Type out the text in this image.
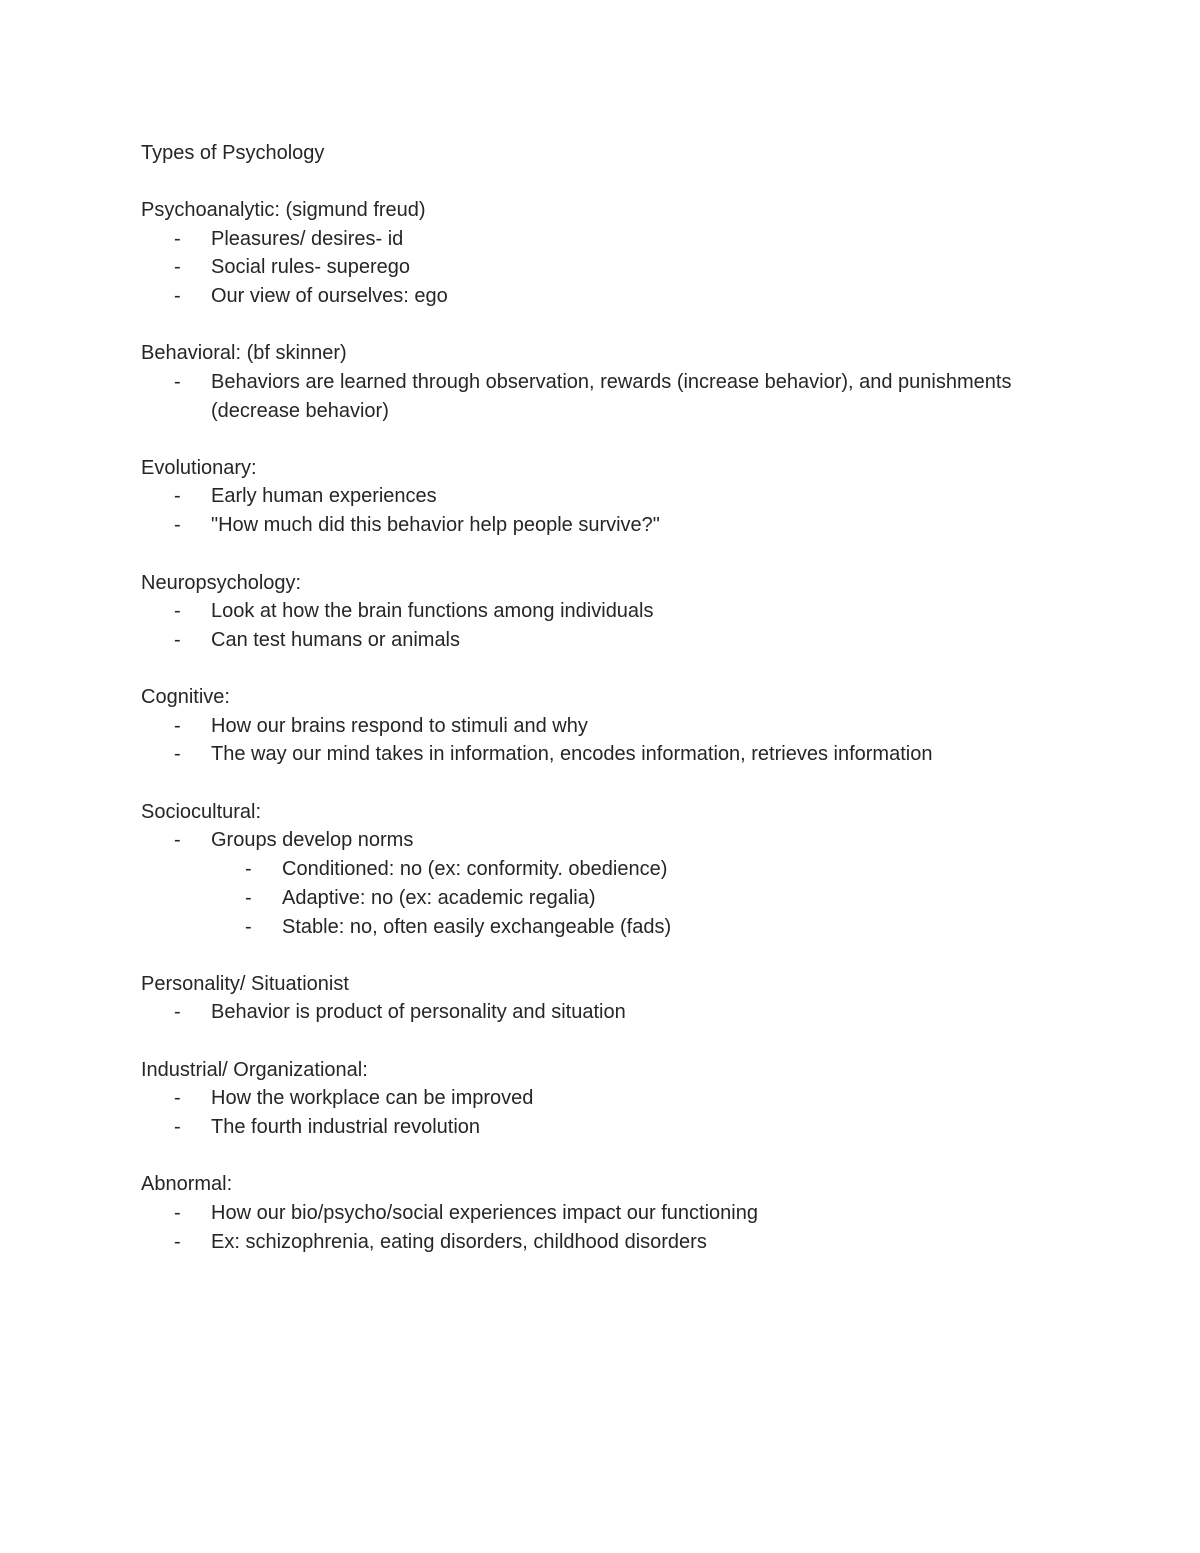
Types of Psychology
Psychoanalytic: (sigmund freud)
- Pleasures/ desires- id
- Social rules- superego
- Our view of ourselves: ego
Behavioral: (bf skinner)
- Behaviors are learned through observation, rewards (increase behavior), and punishments (decrease behavior)
Evolutionary:
- Early human experiences
- "How much did this behavior help people survive?"
Neuropsychology:
- Look at how the brain functions among individuals
- Can test humans or animals
Cognitive:
- How our brains respond to stimuli and why
- The way our mind takes in information, encodes information, retrieves information
Sociocultural:
- Groups develop norms
- Conditioned: no (ex: conformity. obedience)
- Adaptive: no (ex: academic regalia)
- Stable: no, often easily exchangeable (fads)
Personality/ Situationist
- Behavior is product of personality and situation
Industrial/ Organizational:
- How the workplace can be improved
- The fourth industrial revolution
Abnormal:
- How our bio/psycho/social experiences impact our functioning
- Ex: schizophrenia, eating disorders, childhood disorders
